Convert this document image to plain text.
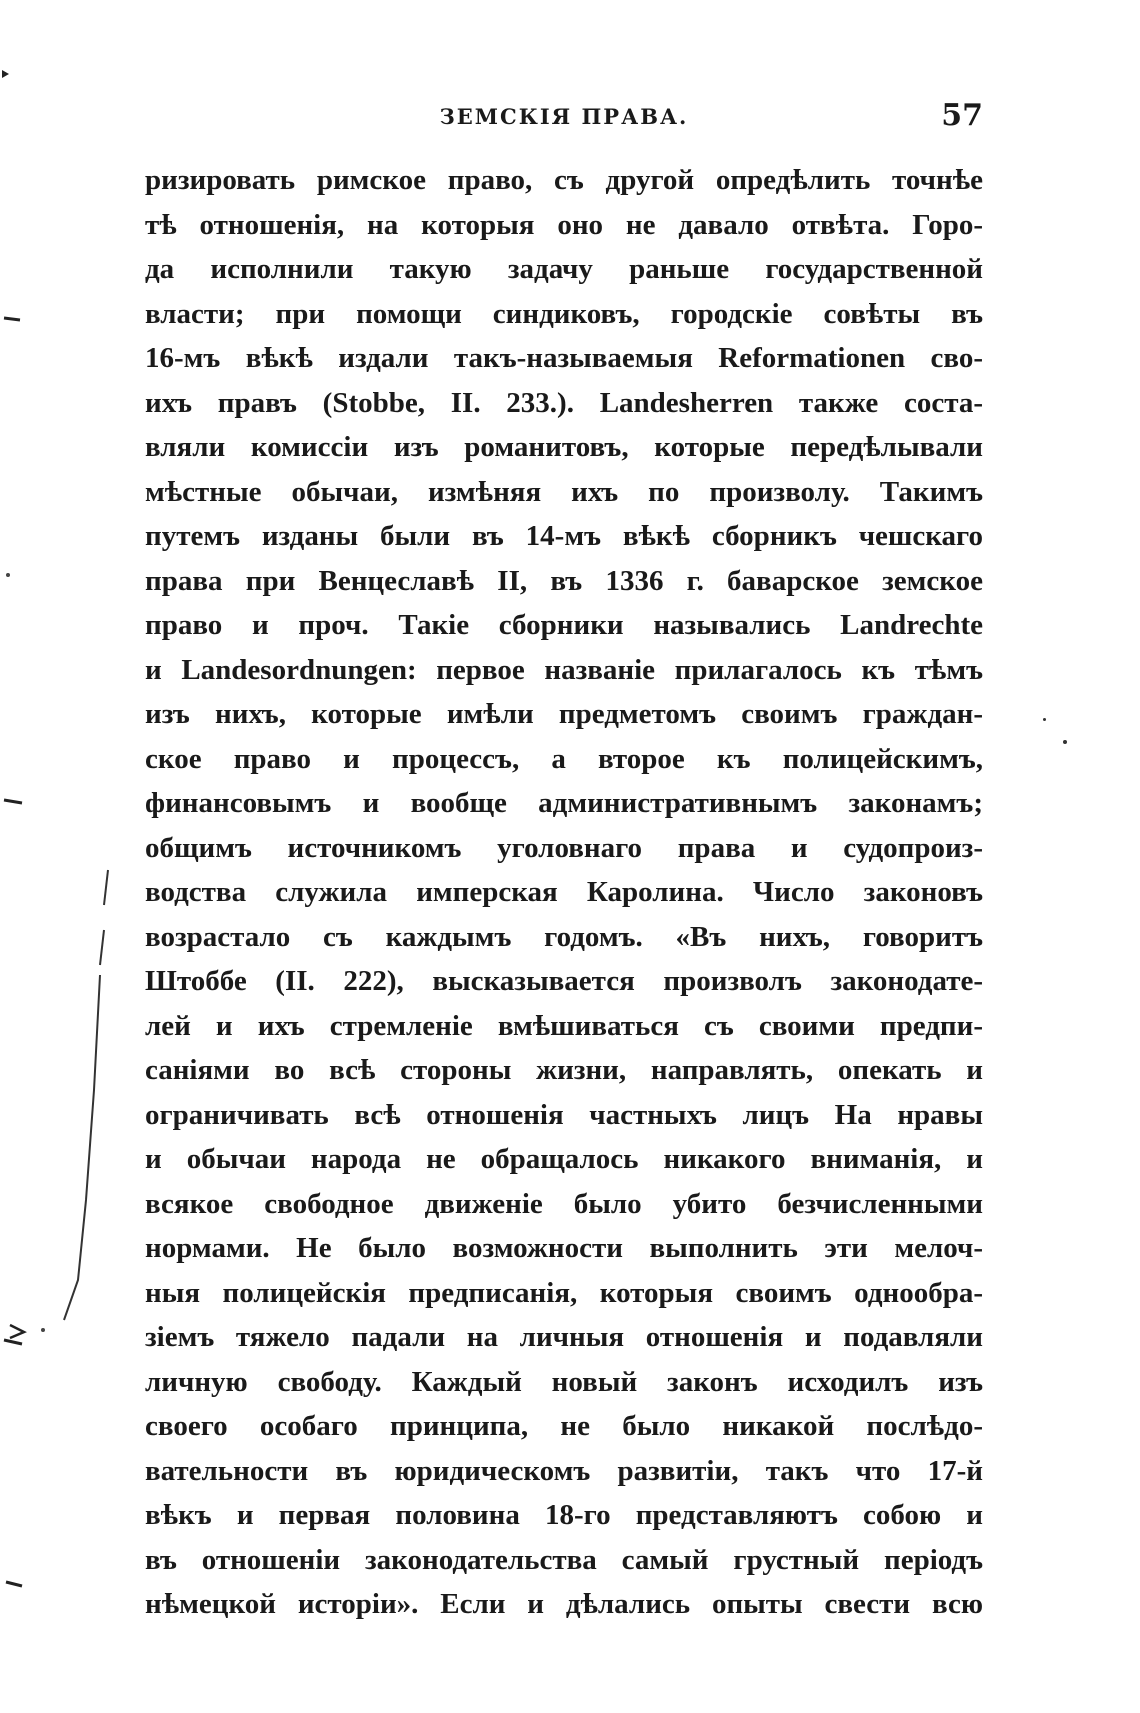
ЗЕМСКIЯ ПРАВА.	57
ризировать римское право, съ другой опредѣлить точнѣе
тѣ отношенiя, на которыя оно не давало отвѣта. Горо-
да исполнили такую задачу раньше государственной
власти; при помощи синдиковъ, городскiе совѣты въ
16-мъ вѣкѣ издали такъ-называемыя Reformationen сво-
ихъ правъ (Stobbe, II. 233.). Landesherren также соста-
вляли комиссiи изъ романитовъ, которые передѣлывали
мѣстные обычаи, измѣняя ихъ по произволу. Такимъ
путемъ изданы были въ 14-мъ вѣкѣ сборникъ чешскаго
права при Венцеславѣ II, въ 1336 г. баварское земское
право и проч. Такiе сборники назывались Landrechte
и Landesordnungen: первое названiе прилагалось къ тѣмъ
изъ нихъ, которые имѣли предметомъ своимъ граждан-
ское право и процессъ, а второе къ полицейскимъ,
финансовымъ и вообще административнымъ законамъ;
общимъ источникомъ уголовнаго права и судопроиз-
водства служила имперская Каролина. Число законовъ
возрастало съ каждымъ годомъ. «Въ нихъ, говоритъ
Штоббе (II. 222), высказывается произволъ законодате-
лей и ихъ стремленiе вмѣшиваться съ своими предпи-
санiями во всѣ стороны жизни, направлять, опекать и
ограничивать всѣ отношенiя частныхъ лицъ На нравы
и обычаи народа не обращалось никакого вниманiя, и
всякое свободное движенiе было убито безчисленными
нормами. Не было возможности выполнить эти мелоч-
ныя полицейскiя предписанiя, которыя своимъ однообра-
зiемъ тяжело падали на личныя отношенiя и подавляли
личную свободу. Каждый новый законъ исходилъ изъ
своего особаго принципа, не было никакой послѣдо-
вательности въ юридическомъ развитiи, такъ что 17-й
вѣкъ и первая половина 18-го представляютъ собою и
въ отношенiи законодательства самый грустный перiодъ
нѣмецкой исторiи». Если и дѣлались опыты свести всю
